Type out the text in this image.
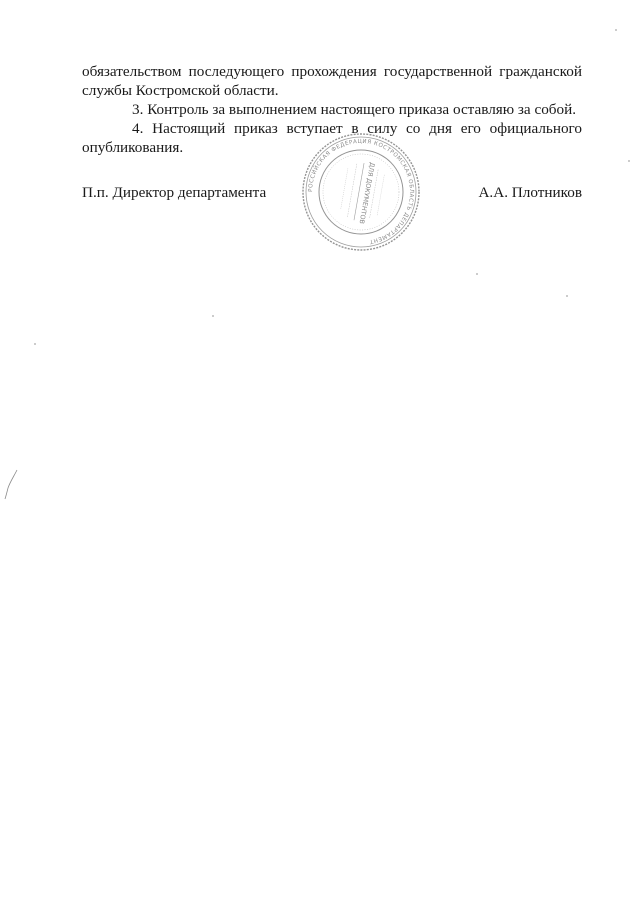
обязательством последующего прохождения государственной гражданской
службы Костромской области.
3. Контроль за выполнением настоящего приказа оставляю за собой.
4. Настоящий приказ вступает в силу со дня его официального
опубликования.
П.п. Директор департамента	А.А. Плотников
РОССИЙСКАЯ ФЕДЕРАЦИЯ КОСТРОМСКАЯ ОБЛАСТЬ ДЕПАРТАМЕНТ
ДЛЯ ДОКУМЕНТОВ
